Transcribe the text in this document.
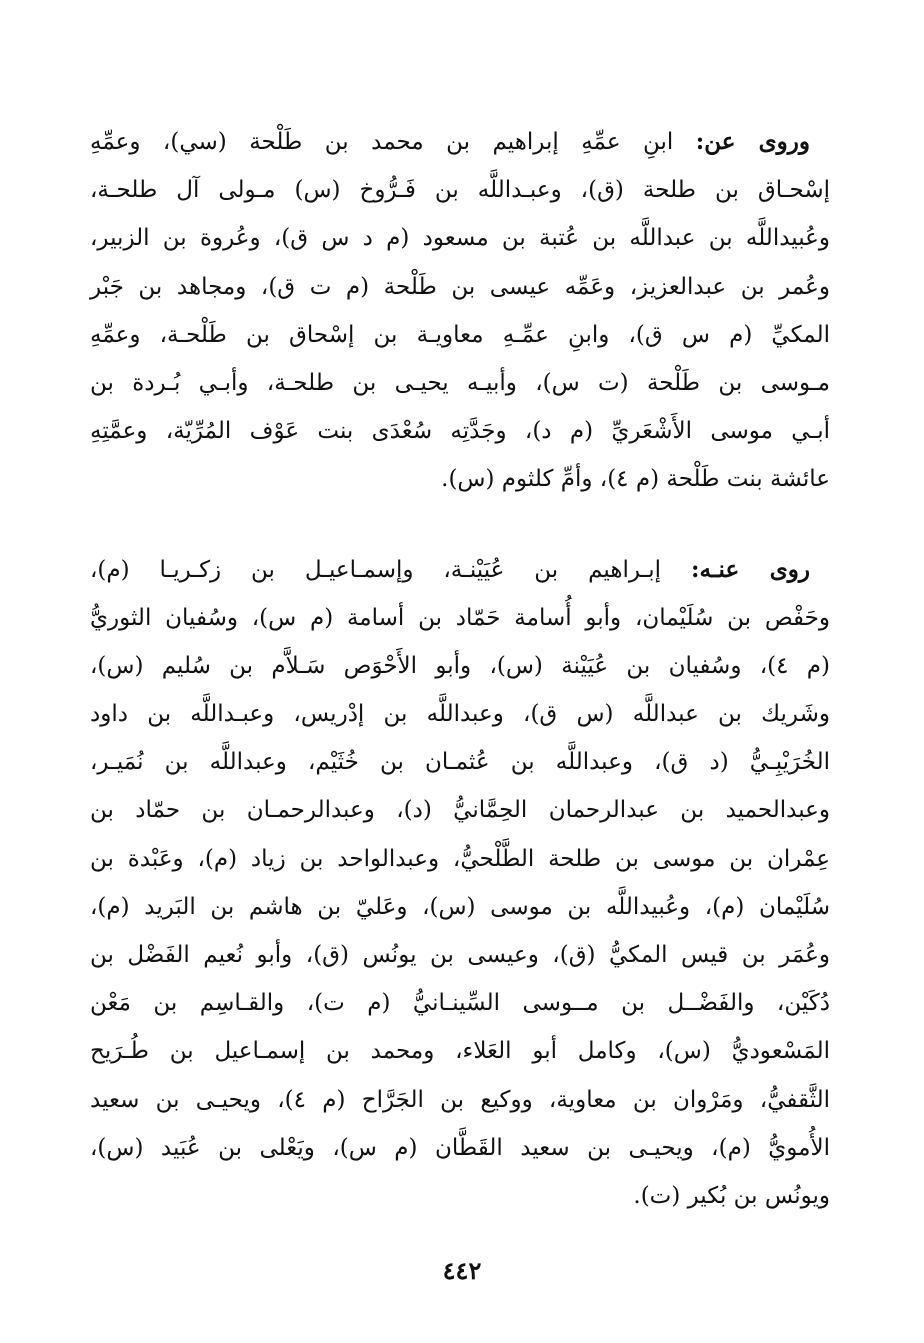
وروى عن: ابنِ عمِّهِ إبراهيم بن محمد بن طَلْحة (سي)، وعمِّهِ
إسْحـاق بن طلحة (ق)، وعبـداللَّه بن فَـرُّوخ (س) مـولى آل طلحـة،
وعُبيداللَّه بن عبداللَّه بن عُتبة بن مسعود (م د س ق)، وعُروة بن الزبير،
وعُمر بن عبدالعزيز، وعَمِّه عيسى بن طَلْحة (م ت ق)، ومجاهد بن جَبْر
المكيِّ (م س ق)، وابنِ عمِّـهِ معاويـة بن إسْحاق بن طَلْحـة، وعمِّهِ
مـوسى بن طَلْحة (ت س)، وأبيـه يحيـى بن طلحـة، وأبـي بُـردة بن
أبـي موسى الأَشْعَريِّ (م د)، وجَدَّتِه سُعْدَى بنت عَوْف المُرِّيّة، وعمَّتِهِ
عائشة بنت طَلْحة (م ٤)، وأمِّ كلثوم (س).
روى عنـه: إبـراهيم بن عُيَيْنـة، وإسمـاعيـل بن زكـريـا (م)،
وحَفْص بن سُلَيْمان، وأبو أُسامة حَمّاد بن أسامة (م س)، وسُفيان الثوريُّ
(م ٤)، وسُفيان بن عُيَيْنة (س)، وأبو الأَحْوَص سَـلاَّم بن سُليم (س)،
وشَريك بن عبداللَّه (س ق)، وعبداللَّه بن إدْريس، وعبـداللَّه بن داود
الخُرَيْبِـيُّ (د ق)، وعبداللَّه بن عُثمـان بن خُثَيْم، وعبداللَّه بن نُمَيـر،
وعبدالحميد بن عبدالرحمان الحِمَّانيُّ (د)، وعبدالرحمـان بن حمّاد بن
عِمْران بن موسى بن طلحة الطَّلْحيُّ، وعبدالواحد بن زياد (م)، وعَبْدة بن
سُلَيْمان (م)، وعُبيداللَّه بن موسى (س)، وعَليّ بن هاشم بن البَريد (م)،
وعُمَر بن قيس المكيُّ (ق)، وعيسى بن يونُس (ق)، وأبو نُعيم الفَضْل بن
دُكَيْن، والفَضْــل بن مــوسى السِّينـانيُّ (م ت)، والقـاسِم بن مَعْن
المَسْعوديُّ (س)، وكامل أبو العَلاء، ومحمد بن إسمـاعيل بن طُـرَيح
الثَّقفيُّ، ومَرْوان بن معاوية، ووكيع بن الجَرَّاح (م ٤)، ويحيـى بن سعيد
الأُمويُّ (م)، ويحيـى بن سعيد القَطَّان (م س)، ويَعْلى بن عُبَيد (س)،
ويونُس بن بُكير (ت).
٤٤٢
